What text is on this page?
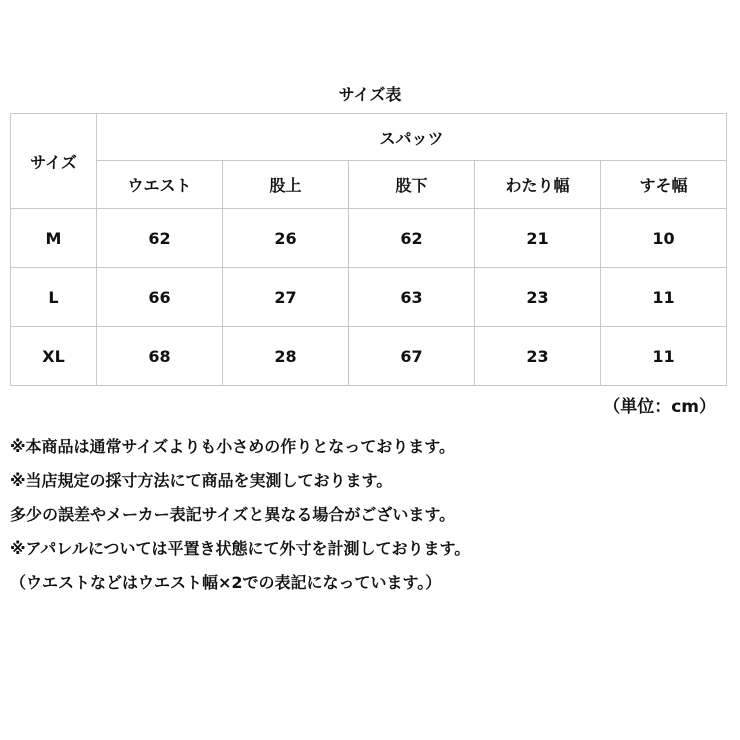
サイズ表
サイズ	スパッツ				
	ウエスト	股上	股下	わたり幅	すそ幅
M	62	26	62	21	10
L	66	27	63	23	11
XL	68	28	67	23	11
（単位：cm）
※本商品は通常サイズよりも小さめの作りとなっております。
※当店規定の採寸方法にて商品を実測しております。
多少の誤差やメーカー表記サイズと異なる場合がございます。
※アパレルについては平置き状態にて外寸を計測しております。
（ウエストなどはウエスト幅×2での表記になっています。）
